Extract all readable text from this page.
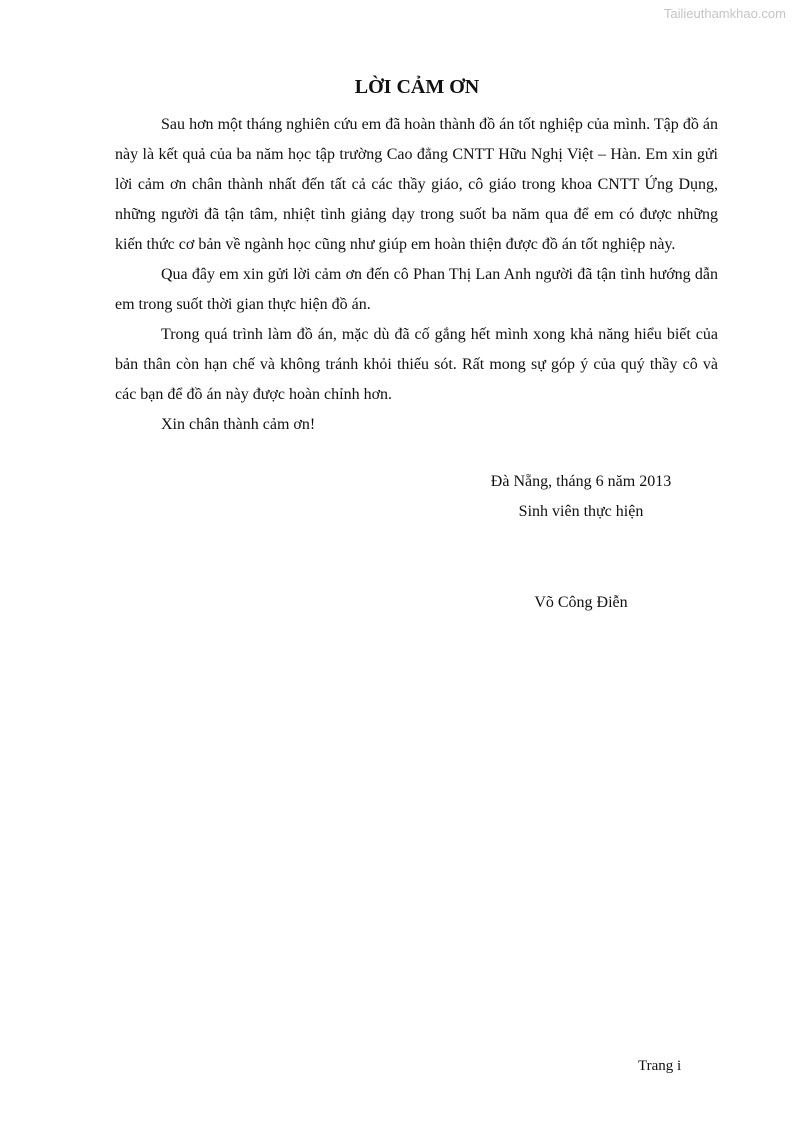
Tailieuthamkhao.com
LỜI CẢM ƠN

Sau hơn một tháng nghiên cứu em đã hoàn thành đồ án tốt nghiệp của mình. Tập đồ án này là kết quả của ba năm học tập trường Cao đẳng CNTT Hữu Nghị Việt – Hàn. Em xin gửi lời cảm ơn chân thành nhất đến tất cả các thầy giáo, cô giáo trong khoa CNTT Ứng Dụng, những người đã tận tâm, nhiệt tình giảng dạy trong suốt ba năm qua để em có được những kiến thức cơ bản về ngành học cũng như giúp em hoàn thiện được đồ án tốt nghiệp này.

Qua đây em xin gửi lời cảm ơn đến cô Phan Thị Lan Anh người đã tận tình hướng dẫn em trong suốt thời gian thực hiện đồ án.

Trong quá trình làm đồ án, mặc dù đã cố gắng hết mình xong khả năng hiểu biết của bản thân còn hạn chế và không tránh khỏi thiếu sót. Rất mong sự góp ý của quý thầy cô và các bạn để đồ án này được hoàn chỉnh hơn.

Xin chân thành cảm ơn!

Đà Nẵng, tháng 6 năm 2013
Sinh viên thực hiện
Võ Công Điễn
Trang i
